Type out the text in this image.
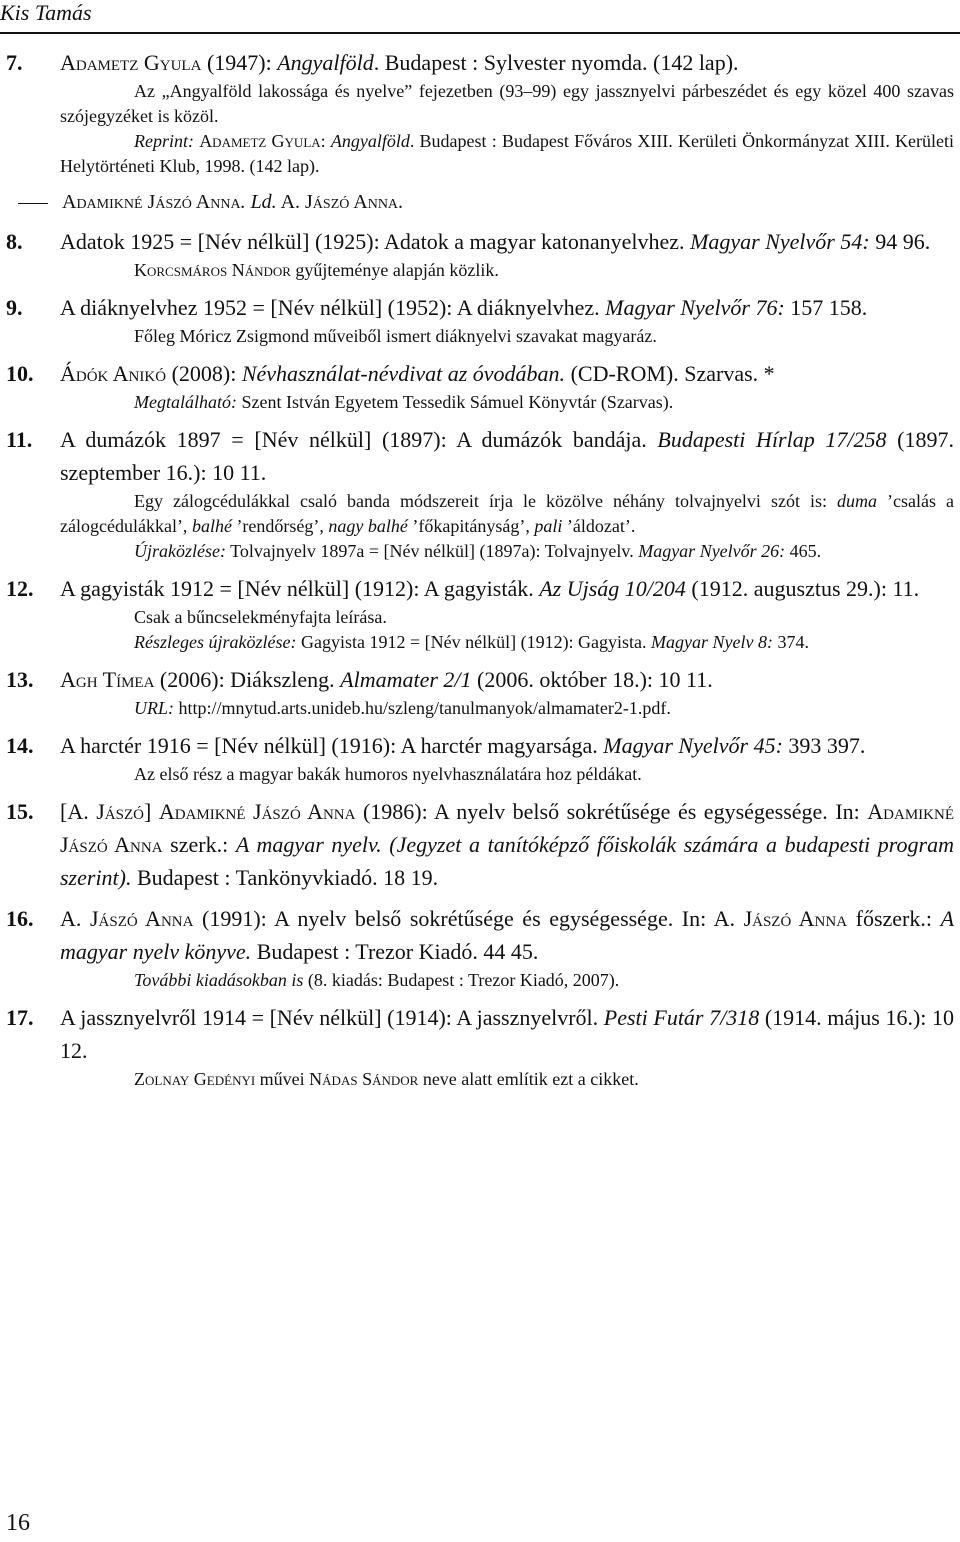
Kis Tamás
7.	Adametz Gyula (1947): Angyalföld. Budapest : Sylvester nyomda. (142 lap).
Az „Angyalföld lakossága és nyelve” fejezetben (93–99) egy jassznyelvi párbeszédet és egy közel 400 szavas szójegyzéket is közöl.
Reprint: Adametz Gyula: Angyalföld. Budapest : Budapest Főváros XIII. Kerületi Önkormányzat XIII. Kerületi Helytörténeti Klub, 1998. (142 lap).
Adamikné Jászó Anna. Ld. A. Jászó Anna.
8.	Adatok 1925 = [Név nélkül] (1925): Adatok a magyar katonanyelvhez. Magyar Nyelvőr 54: 94 96.
Korcsmáros Nándor gyűjteménye alapján közlik.
9.	A diáknyelvhez 1952 = [Név nélkül] (1952): A diáknyelvhez. Magyar Nyelvőr 76: 157 158.
Főleg Móricz Zsigmond műveiből ismert diáknyelvi szavakat magyaráz.
10.	Ádók Anikó (2008): Névhasználat-névdivat az óvodában. (CD-ROM). Szarvas. *
Megtalálható: Szent István Egyetem Tessedik Sámuel Könyvtár (Szarvas).
11.	A dumázók 1897 = [Név nélkül] (1897): A dumázók bandája. Budapesti Hírlap 17/258 (1897. szeptember 16.): 10 11.
Egy zálogcédulákkal csaló banda módszereit írja le közölve néhány tolvajnyelvi szót is: duma ’csalás a zálogcédulákkal’, balhé ’rendőrség’, nagy balhé ’főkapitányság’, pali ’áldozat’.
Újraközlése: Tolvajnyelv 1897a = [Név nélkül] (1897a): Tolvajnyelv. Magyar Nyelvőr 26: 465.
12.	A gagyisták 1912 = [Név nélkül] (1912): A gagyisták. Az Ujság 10/204 (1912. augusztus 29.): 11.
Csak a bűncselekményfajta leírása.
Részleges újraközlése: Gagyista 1912 = [Név nélkül] (1912): Gagyista. Magyar Nyelv 8: 374.
13.	Agh Tímea (2006): Diákszleng. Almamater 2/1 (2006. október 18.): 10 11.
URL: http://mnytud.arts.unideb.hu/szleng/tanulmanyok/almamater2-1.pdf.
14.	A harctér 1916 = [Név nélkül] (1916): A harctér magyarsága. Magyar Nyelvőr 45: 393 397.
Az első rész a magyar bakák humoros nyelvhasználatára hoz példákat.
15.	[A. Jászó] Adamikné Jászó Anna (1986): A nyelv belső sokrétűsége és egységessége. In: Adamikné Jászó Anna szerk.: A magyar nyelv. (Jegyzet a tanítóképző főiskolák számára a budapesti program szerint). Budapest : Tankönyvkiadó. 18 19.
16.	A. Jászó Anna (1991): A nyelv belső sokrétűsége és egységessége. In: A. Jászó Anna főszerk.: A magyar nyelv könyve. Budapest : Trezor Kiadó. 44 45.
További kiadásokban is (8. kiadás: Budapest : Trezor Kiadó, 2007).
17.	A jassznyelvről 1914 = [Név nélkül] (1914): A jassznyelvről. Pesti Futár 7/318 (1914. május 16.): 10 12.
Zolnay Gedényi művei Nádas Sándor neve alatt említik ezt a cikket.
16
